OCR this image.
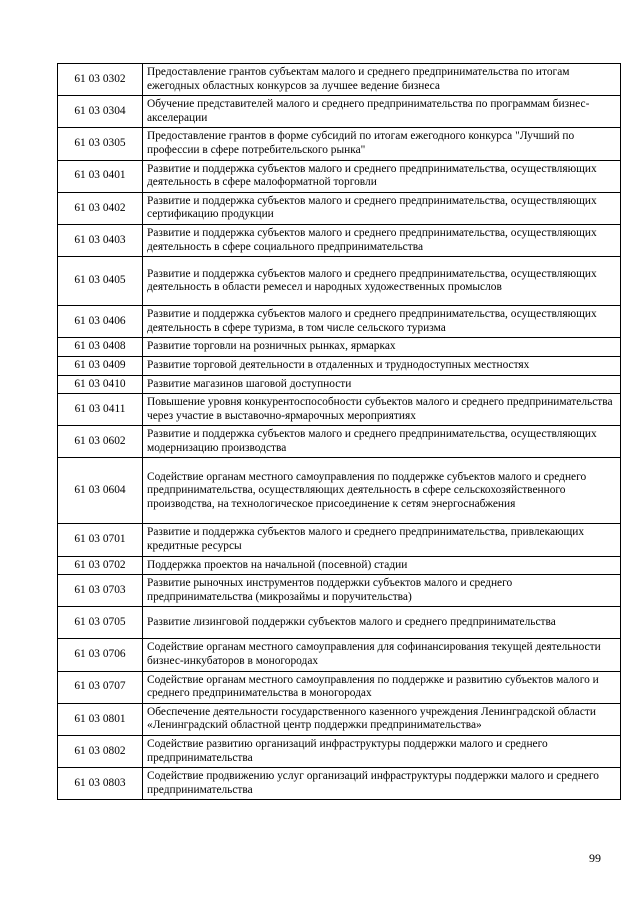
61 03 0302	Предоставление грантов субъектам малого и среднего предпринимательства по итогам ежегодных областных конкурсов за лучшее ведение бизнеса
61 03 0304	Обучение представителей малого и среднего предпринимательства по программам бизнес-акселерации
61 03 0305	Предоставление грантов в форме субсидий по итогам ежегодного конкурса "Лучший по профессии в сфере потребительского рынка"
61 03 0401	Развитие и поддержка субъектов малого и среднего предпринимательства, осуществляющих деятельность в сфере малоформатной торговли
61 03 0402	Развитие и поддержка субъектов малого и среднего предпринимательства, осуществляющих сертификацию продукции
61 03 0403	Развитие и поддержка субъектов малого и среднего предпринимательства, осуществляющих деятельность в сфере социального предпринимательства
61 03 0405	Развитие и поддержка субъектов малого и среднего предпринимательства, осуществляющих деятельность в области ремесел и народных художественных промыслов
61 03 0406	Развитие и поддержка субъектов малого и среднего предпринимательства, осуществляющих деятельность в сфере туризма, в том числе сельского туризма
61 03 0408	Развитие торговли на розничных рынках, ярмарках
61 03 0409	Развитие торговой деятельности в отдаленных и труднодоступных местностях
61 03 0410	Развитие магазинов шаговой доступности
61 03 0411	Повышение уровня конкурентоспособности субъектов малого и среднего предпринимательства через участие в выставочно-ярмарочных мероприятиях
61 03 0602	Развитие и поддержка субъектов малого и среднего предпринимательства, осуществляющих модернизацию производства
61 03 0604	Содействие органам местного самоуправления по поддержке субъектов малого и среднего предпринимательства, осуществляющих деятельность в сфере сельскохозяйственного производства, на технологическое присоединение к сетям энергоснабжения
61 03 0701	Развитие и поддержка субъектов малого и среднего предпринимательства, привлекающих кредитные ресурсы
61 03 0702	Поддержка проектов на начальной (посевной) стадии
61 03 0703	Развитие рыночных инструментов поддержки субъектов малого и среднего предпринимательства (микрозаймы и поручительства)
61 03 0705	Развитие лизинговой поддержки субъектов малого и среднего предпринимательства
61 03 0706	Содействие органам местного самоуправления для софинансирования текущей деятельности бизнес-инкубаторов в моногородах
61 03 0707	Содействие органам местного самоуправления по поддержке и развитию субъектов малого и среднего предпринимательства в моногородах
61 03 0801	Обеспечение деятельности государственного казенного учреждения Ленинградской области «Ленинградский областной центр поддержки предпринимательства»
61 03 0802	Содействие развитию организаций инфраструктуры поддержки малого и среднего предпринимательства
61 03 0803	Содействие продвижению услуг организаций инфраструктуры поддержки малого и среднего предпринимательства
99
